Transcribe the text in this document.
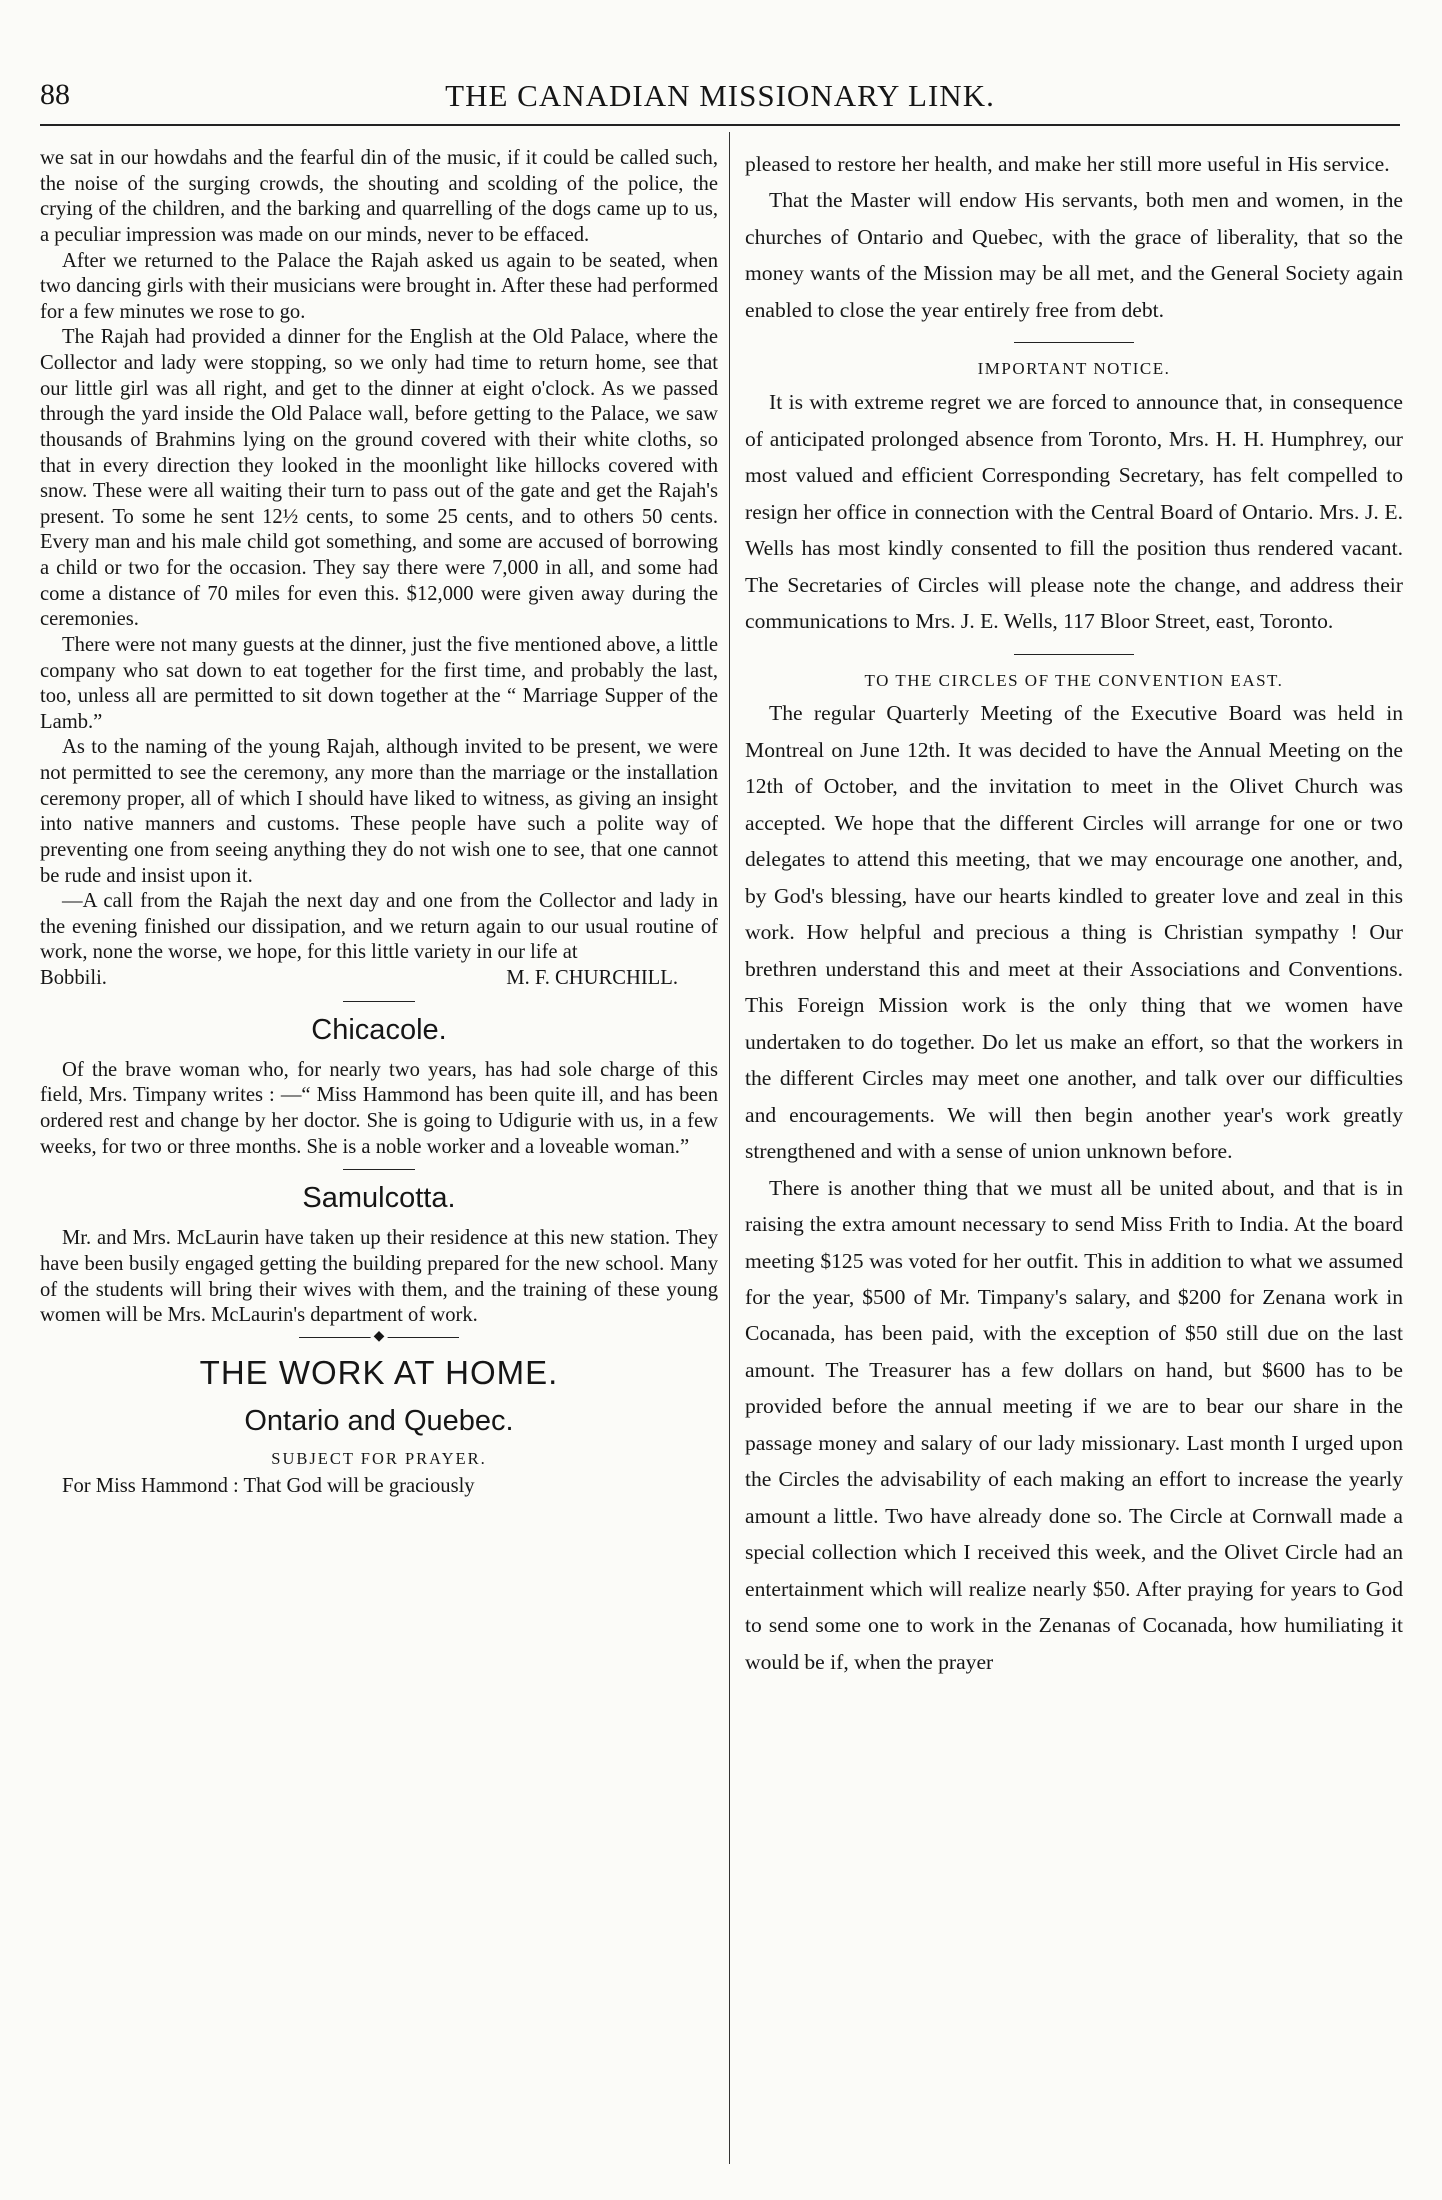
88	THE CANADIAN MISSIONARY LINK.

we sat in our howdahs and the fearful din of the music, if it could be called such, the noise of the surging crowds, the shouting and scolding of the police, the crying of the children, and the barking and quarrelling of the dogs came up to us, a peculiar impression was made on our minds, never to be effaced.

After we returned to the Palace the Rajah asked us again to be seated, when two dancing girls with their musicians were brought in. After these had performed for a few minutes we rose to go.

The Rajah had provided a dinner for the English at the Old Palace, where the Collector and lady were stopping, so we only had time to return home, see that our little girl was all right, and get to the dinner at eight o'clock. As we passed through the yard inside the Old Palace wall, before getting to the Palace, we saw thousands of Brahmins lying on the ground covered with their white cloths, so that in every direction they looked in the moonlight like hillocks covered with snow. These were all waiting their turn to pass out of the gate and get the Rajah's present. To some he sent 12½ cents, to some 25 cents, and to others 50 cents. Every man and his male child got something, and some are accused of borrowing a child or two for the occasion. They say there were 7,000 in all, and some had come a distance of 70 miles for even this. $12,000 were given away during the ceremonies.

There were not many guests at the dinner, just the five mentioned above, a little company who sat down to eat together for the first time, and probably the last, too, unless all are permitted to sit down together at the “ Marriage Supper of the Lamb.”

As to the naming of the young Rajah, although invited to be present, we were not permitted to see the ceremony, any more than the marriage or the installation ceremony proper, all of which I should have liked to witness, as giving an insight into native manners and customs. These people have such a polite way of preventing one from seeing anything they do not wish one to see, that one cannot be rude and insist upon it.

—A call from the Rajah the next day and one from the Collector and lady in the evening finished our dissipation, and we return again to our usual routine of work, none the worse, we hope, for this little variety in our life at

Bobbili.	M. F. CHURCHILL.
Chicacole.

Of the brave woman who, for nearly two years, has had sole charge of this field, Mrs. Timpany writes : —“ Miss Hammond has been quite ill, and has been ordered rest and change by her doctor. She is going to Udigurie with us, in a few weeks, for two or three months. She is a noble worker and a loveable woman.”

Samulcotta.

Mr. and Mrs. McLaurin have taken up their residence at this new station. They have been busily engaged getting the building prepared for the new school. Many of the students will bring their wives with them, and the training of these young women will be Mrs. McLaurin's department of work.

◆
THE WORK AT HOME.
Ontario and Quebec.
SUBJECT FOR PRAYER.

For Miss Hammond : That God will be graciously

pleased to restore her health, and make her still more useful in His service.

That the Master will endow His servants, both men and women, in the churches of Ontario and Quebec, with the grace of liberality, that so the money wants of the Mission may be all met, and the General Society again enabled to close the year entirely free from debt.

IMPORTANT NOTICE.

It is with extreme regret we are forced to announce that, in consequence of anticipated prolonged absence from Toronto, Mrs. H. H. Humphrey, our most valued and efficient Corresponding Secretary, has felt compelled to resign her office in connection with the Central Board of Ontario. Mrs. J. E. Wells has most kindly consented to fill the position thus rendered vacant. The Secretaries of Circles will please note the change, and address their communications to Mrs. J. E. Wells, 117 Bloor Street, east, Toronto.

TO THE CIRCLES OF THE CONVENTION EAST.

The regular Quarterly Meeting of the Executive Board was held in Montreal on June 12th. It was decided to have the Annual Meeting on the 12th of October, and the invitation to meet in the Olivet Church was accepted. We hope that the different Circles will arrange for one or two delegates to attend this meeting, that we may encourage one another, and, by God's blessing, have our hearts kindled to greater love and zeal in this work. How helpful and precious a thing is Christian sympathy ! Our brethren understand this and meet at their Associations and Conventions. This Foreign Mission work is the only thing that we women have undertaken to do together. Do let us make an effort, so that the workers in the different Circles may meet one another, and talk over our difficulties and encouragements. We will then begin another year's work greatly strengthened and with a sense of union unknown before.

There is another thing that we must all be united about, and that is in raising the extra amount necessary to send Miss Frith to India. At the board meeting $125 was voted for her outfit. This in addition to what we assumed for the year, $500 of Mr. Timpany's salary, and $200 for Zenana work in Cocanada, has been paid, with the exception of $50 still due on the last amount. The Treasurer has a few dollars on hand, but $600 has to be provided before the annual meeting if we are to bear our share in the passage money and salary of our lady missionary. Last month I urged upon the Circles the advisability of each making an effort to increase the yearly amount a little. Two have already done so. The Circle at Cornwall made a special collection which I received this week, and the Olivet Circle had an entertainment which will realize nearly $50. After praying for years to God to send some one to work in the Zenanas of Cocanada, how humiliating it would be if, when the prayer
